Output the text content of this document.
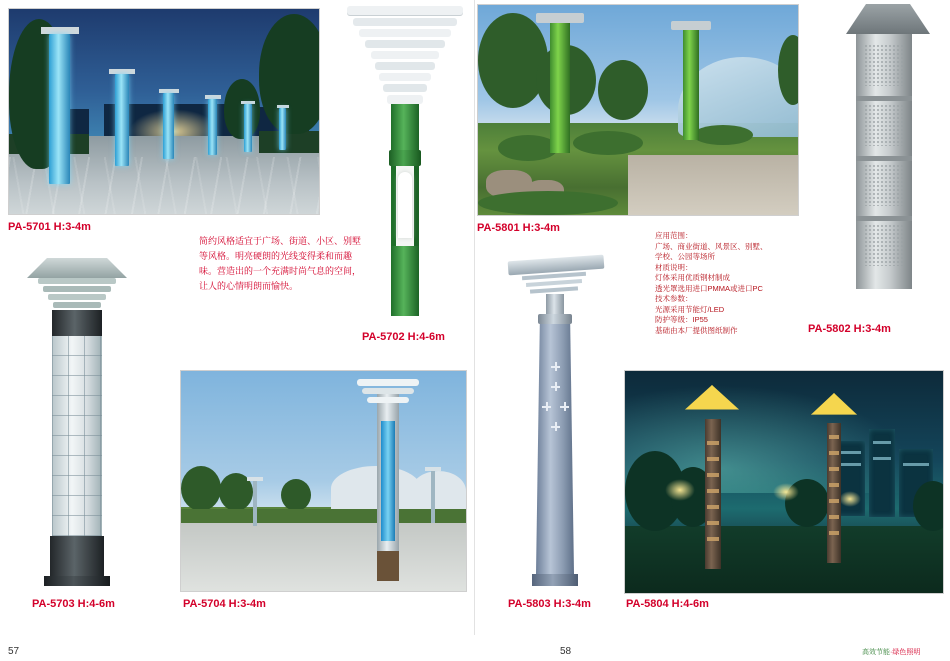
PA-5701 H:3-4m
PA-5702 H:4-6m
PA-5801 H:3-4m
PA-5802 H:3-4m
简约风格适宜于广场、街道、小区、别墅等风格。明亮硬朗的光线变得柔和而趣味。营造出的一个充满时尚气息的空间，让人的心情明朗而愉快。
应用范围：
广场、商业街道、风景区、别墅、
学校、公园等场所
材质说明：
灯体采用优质钢材制成
透光罩选用进口PMMA或进口PC
技术参数：
光源采用节能灯/LED
防护等级：IP55
基础由本厂提供图纸制作
PA-5703 H:4-6m	PA-5704 H:3-4m	PA-5803 H:3-4m	PA-5804 H:4-6m
57	58	高效节能·绿色照明
